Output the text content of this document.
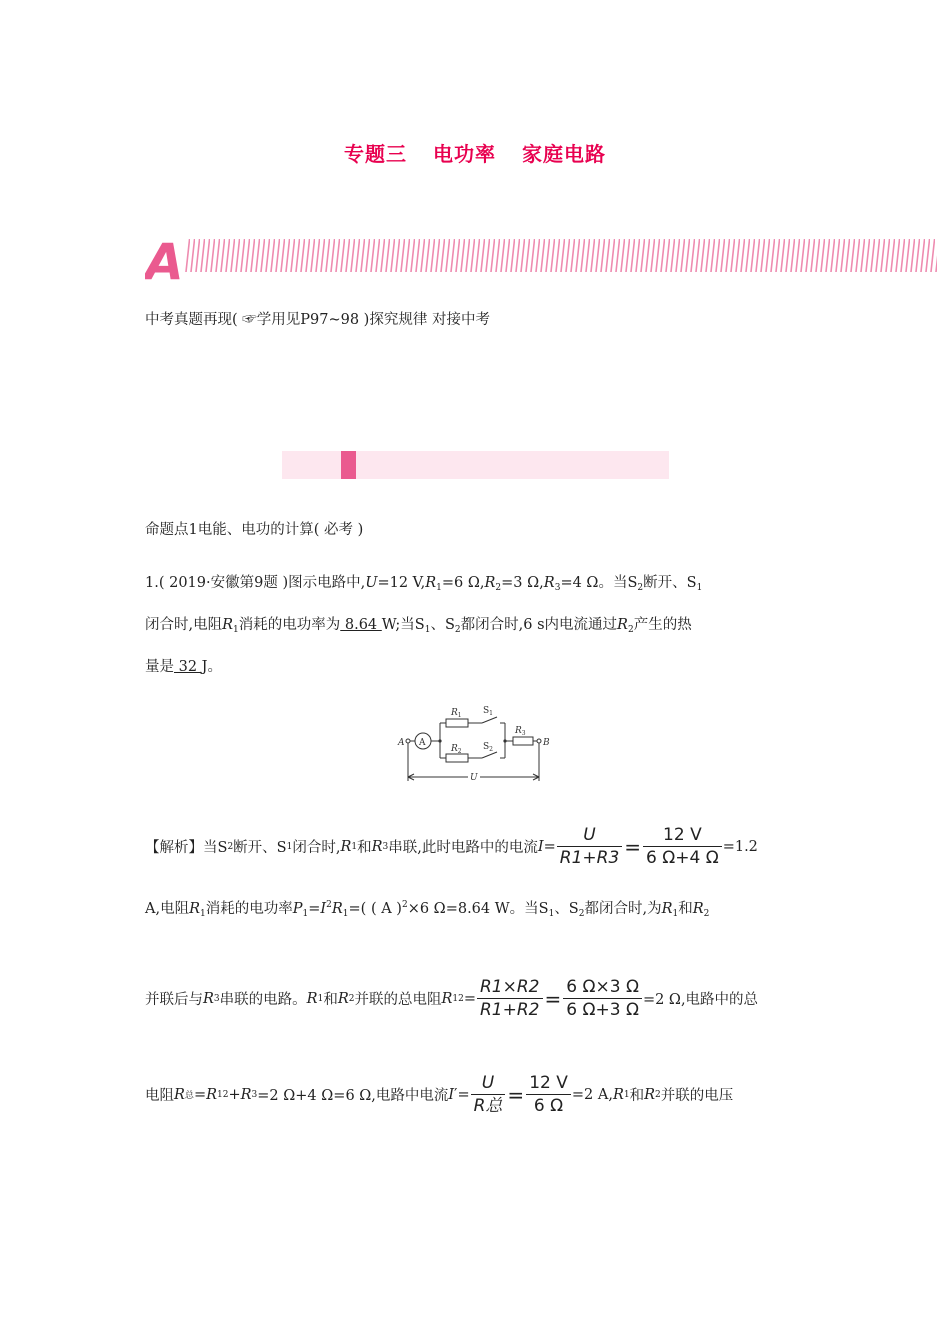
专题三 电功率 家庭电路
A
中考真题再现( ☞学用见P97~98 )探究规律 对接中考
命题点1电能、电功的计算( 必考 )
1.( 2019·安徽第9题 )图示电路中,U=12 $V,R_1=6$ $\Omega,R_2=3$ $\Omega,R_3=4$ Ω。当$S_2$断开、$S_1$
闭合时,电阻$R_1$消耗的电功率为 8.64 W;当$S_1$、$S_2$都闭合时,6 s内电流通过$R_2$产生的热
量是 32 J。
A	B
A
U
$R_1$
$R_2$
$R_3$
$S_1$
$S_2$
【解析】 当S 2 断开、S 1 闭合时, R 1 和 R 3 串联,此时电路中的电流 $I = \frac{U}{R1+R3} = \frac{12 V}{6 \Omega+4 \Omega} =1.2$
A,电阻$R_1$消耗的电功率$P_1=I^2R_1=$( ( A )$^2$×6 Ω=8.64 W。当$S_1$、$S_2$都闭合时,为$R_1$和$R_2$
并联后与 R 3 串联的电路。 R 1 和 R 2 并联的总电阻 R $12 = \frac{R1\times R2}{R1+R2} = \frac{6 \Omega\times 3 \Omega}{6 \Omega+3 \Omega} =2$ Ω,电路中的总
电阻 R 总 = R 12 + R 3 =2 Ω+4 Ω=6 Ω,电路中电流 I ′= $\frac{U}{\text{R总}} = \frac{12 V}{6 \Omega} =2$ A, R 1 和 R 2 并联的电压
